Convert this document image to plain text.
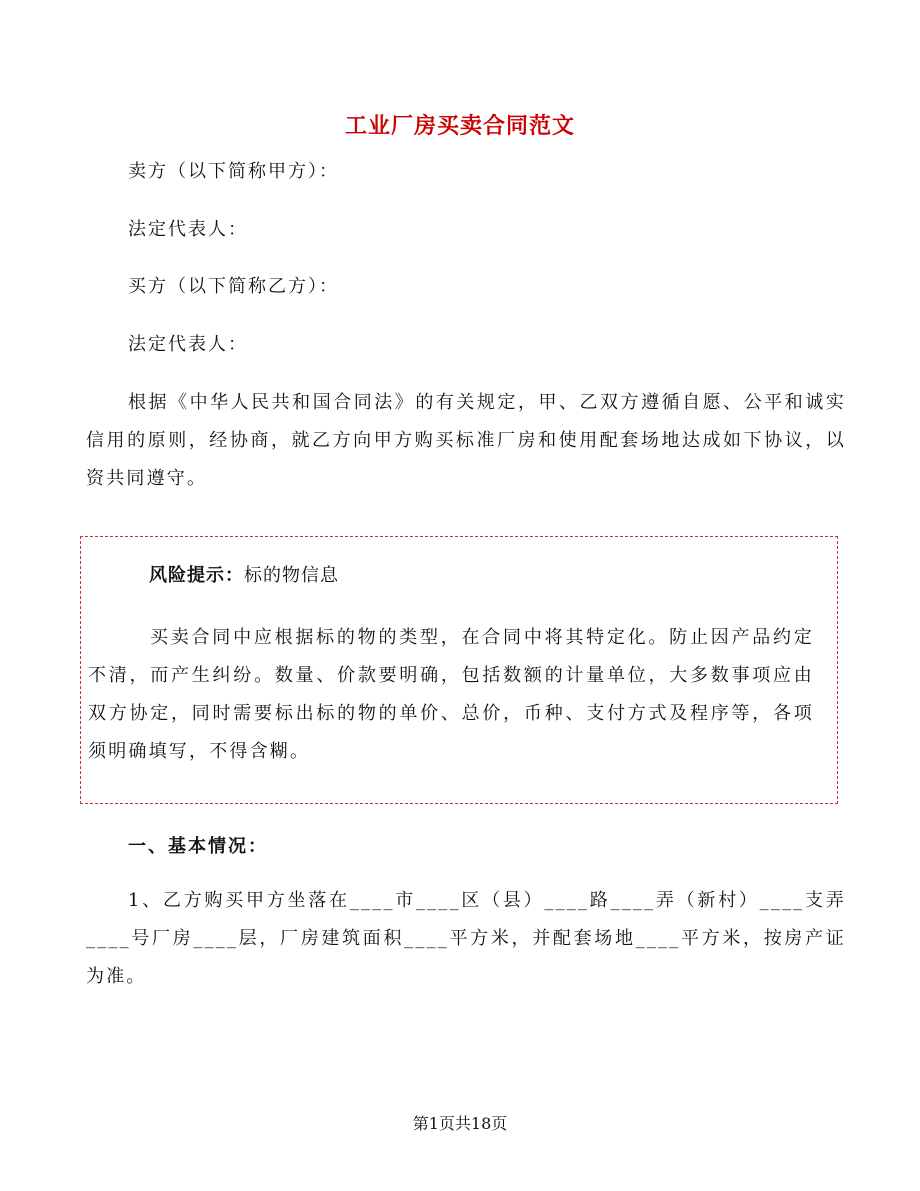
工业厂房买卖合同范文
卖方（以下简称甲方）：
法定代表人：
买方（以下简称乙方）：
法定代表人：
根据《中华人民共和国合同法》的有关规定，甲、乙双方遵循自愿、公平和诚实信用的原则，经协商，就乙方向甲方购买标准厂房和使用配套场地达成如下协议，以资共同遵守。
风险提示：标的物信息
买卖合同中应根据标的物的类型，在合同中将其特定化。防止因产品约定不清，而产生纠纷。数量、价款要明确，包括数额的计量单位，大多数事项应由双方协定，同时需要标出标的物的单价、总价，币种、支付方式及程序等，各项须明确填写，不得含糊。
一、基本情况：
1、乙方购买甲方坐落在____市____区（县）____路____弄（新村）____支弄____号厂房____层，厂房建筑面积____平方米，并配套场地____平方米，按房产证为准。
第1页共18页
